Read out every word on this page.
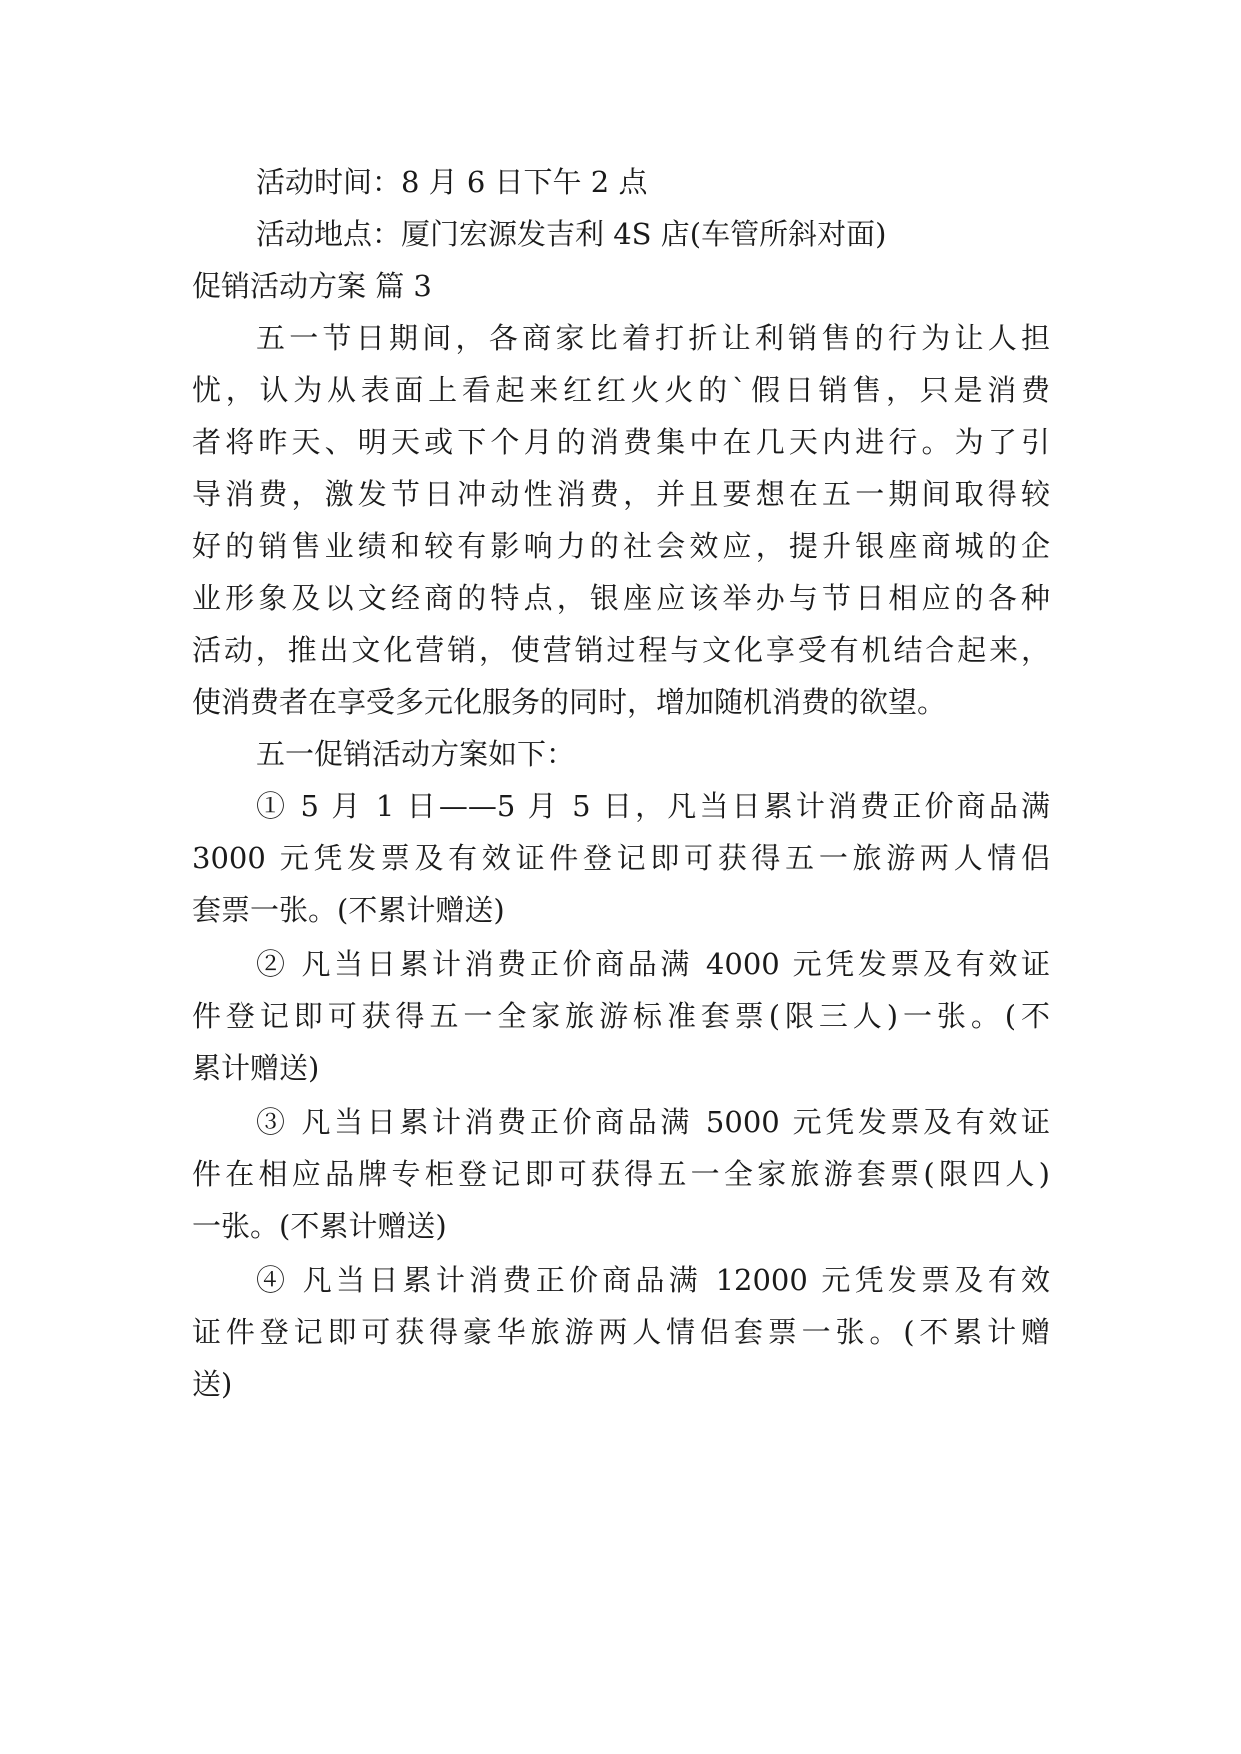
活动时间：8 月 6 日下午 2 点
活动地点：厦门宏源发吉利 4S 店(车管所斜对面)
促销活动方案 篇 3
五一节日期间，各商家比着打折让利销售的行为让人担
忧，认为从表面上看起来红红火火的`假日销售，只是消费
者将昨天、明天或下个月的消费集中在几天内进行。为了引
导消费，激发节日冲动性消费，并且要想在五一期间取得较
好的销售业绩和较有影响力的社会效应，提升银座商城的企
业形象及以文经商的特点，银座应该举办与节日相应的各种
活动，推出文化营销，使营销过程与文化享受有机结合起来，
使消费者在享受多元化服务的同时，增加随机消费的欲望。
五一促销活动方案如下：
① 5 月 1 日——5 月 5 日，凡当日累计消费正价商品满
3000 元凭发票及有效证件登记即可获得五一旅游两人情侣
套票一张。(不累计赠送)
② 凡当日累计消费正价商品满 4000 元凭发票及有效证
件登记即可获得五一全家旅游标准套票(限三人)一张。(不
累计赠送)
③ 凡当日累计消费正价商品满 5000 元凭发票及有效证
件在相应品牌专柜登记即可获得五一全家旅游套票(限四人)
一张。(不累计赠送)
④ 凡当日累计消费正价商品满 12000 元凭发票及有效
证件登记即可获得豪华旅游两人情侣套票一张。(不累计赠
送)
